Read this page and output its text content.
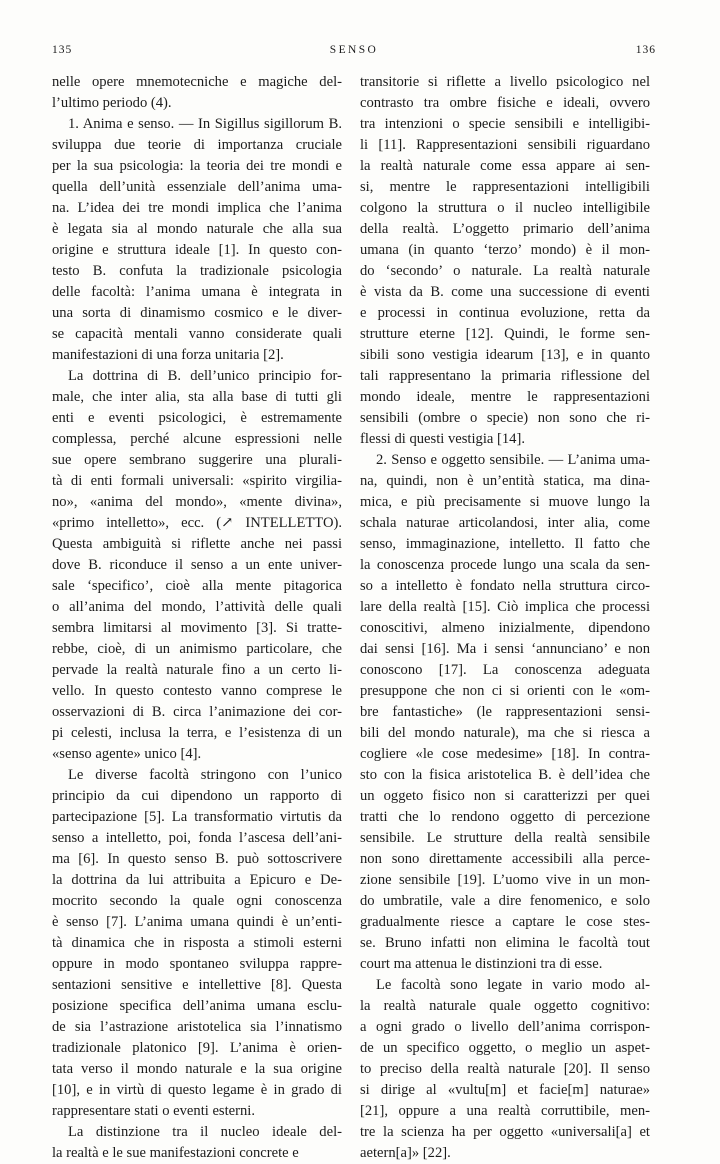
135	SENSO	136

nelle opere mnemotecniche e magiche del-
l’ultimo periodo (4).

1. Anima e senso. — In Sigillus sigillorum B.
sviluppa due teorie di importanza cruciale
per la sua psicologia: la teoria dei tre mondi e
quella dell’unità essenziale dell’anima uma-
na. L’idea dei tre mondi implica che l’anima
è legata sia al mondo naturale che alla sua
origine e struttura ideale [1]. In questo con-
testo B. confuta la tradizionale psicologia
delle facoltà: l’anima umana è integrata in
una sorta di dinamismo cosmico e le diver-
se capacità mentali vanno considerate quali
manifestazioni di una forza unitaria [2].

La dottrina di B. dell’unico principio for-
male, che inter alia, sta alla base di tutti gli
enti e eventi psicologici, è estremamente
complessa, perché alcune espressioni nelle
sue opere sembrano suggerire una plurali-
tà di enti formali universali: «spirito virgilia-
no», «anima del mondo», «mente divina»,
«primo intelletto», ecc. (↗ INTELLETTO).
Questa ambiguità si riflette anche nei passi
dove B. riconduce il senso a un ente univer-
sale ‘specifico’, cioè alla mente pitagorica
o all’anima del mondo, l’attività delle quali
sembra limitarsi al movimento [3]. Si tratte-
rebbe, cioè, di un animismo particolare, che
pervade la realtà naturale fino a un certo li-
vello. In questo contesto vanno comprese le
osservazioni di B. circa l’animazione dei cor-
pi celesti, inclusa la terra, e l’esistenza di un
«senso agente» unico [4].

Le diverse facoltà stringono con l’unico
principio da cui dipendono un rapporto di
partecipazione [5]. La transformatio virtutis da
senso a intelletto, poi, fonda l’ascesa dell’ani-
ma [6]. In questo senso B. può sottoscrivere
la dottrina da lui attribuita a Epicuro e De-
mocrito secondo la quale ogni conoscenza
è senso [7]. L’anima umana quindi è un’enti-
tà dinamica che in risposta a stimoli esterni
oppure in modo spontaneo sviluppa rappre-
sentazioni sensitive e intellettive [8]. Questa
posizione specifica dell’anima umana esclu-
de sia l’astrazione aristotelica sia l’innatismo
tradizionale platonico [9]. L’anima è orien-
tata verso il mondo naturale e la sua origine
[10], e in virtù di questo legame è in grado di
rappresentare stati o eventi esterni.

La distinzione tra il nucleo ideale del-
la realtà e le sue manifestazioni concrete e

transitorie si riflette a livello psicologico nel
contrasto tra ombre fisiche e ideali, ovvero
tra intenzioni o specie sensibili e intelligibi-
li [11]. Rappresentazioni sensibili riguardano
la realtà naturale come essa appare ai sen-
si, mentre le rappresentazioni intelligibili
colgono la struttura o il nucleo intelligibile
della realtà. L’oggetto primario dell’anima
umana (in quanto ‘terzo’ mondo) è il mon-
do ‘secondo’ o naturale. La realtà naturale
è vista da B. come una successione di eventi
e processi in continua evoluzione, retta da
strutture eterne [12]. Quindi, le forme sen-
sibili sono vestigia idearum [13], e in quanto
tali rappresentano la primaria riflessione del
mondo ideale, mentre le rappresentazioni
sensibili (ombre o specie) non sono che ri-
flessi di questi vestigia [14].

2. Senso e oggetto sensibile. — L’anima uma-
na, quindi, non è un’entità statica, ma dina-
mica, e più precisamente si muove lungo la
schala naturae articolandosi, inter alia, come
senso, immaginazione, intelletto. Il fatto che
la conoscenza procede lungo una scala da sen-
so a intelletto è fondato nella struttura circo-
lare della realtà [15]. Ciò implica che processi
conoscitivi, almeno inizialmente, dipendono
dai sensi [16]. Ma i sensi ‘annunciano’ e non
conoscono [17]. La conoscenza adeguata
presuppone che non ci si orienti con le «om-
bre fantastiche» (le rappresentazioni sensi-
bili del mondo naturale), ma che si riesca a
cogliere «le cose medesime» [18]. In contra-
sto con la fisica aristotelica B. è dell’idea che
un oggeto fisico non si caratterizzi per quei
tratti che lo rendono oggetto di percezione
sensibile. Le strutture della realtà sensibile
non sono direttamente accessibili alla perce-
zione sensibile [19]. L’uomo vive in un mon-
do umbratile, vale a dire fenomenico, e solo
gradualmente riesce a captare le cose stes-
se. Bruno infatti non elimina le facoltà tout
court ma attenua le distinzioni tra di esse.

Le facoltà sono legate in vario modo al-
la realtà naturale quale oggetto cognitivo:
a ogni grado o livello dell’anima corrispon-
de un specifico oggetto, o meglio un aspet-
to preciso della realtà naturale [20]. Il senso
si dirige al «vultu[m] et facie[m] naturae»
[21], oppure a una realtà corruttibile, men-
tre la scienza ha per oggetto «universali[a] et
aetern[a]» [22].
